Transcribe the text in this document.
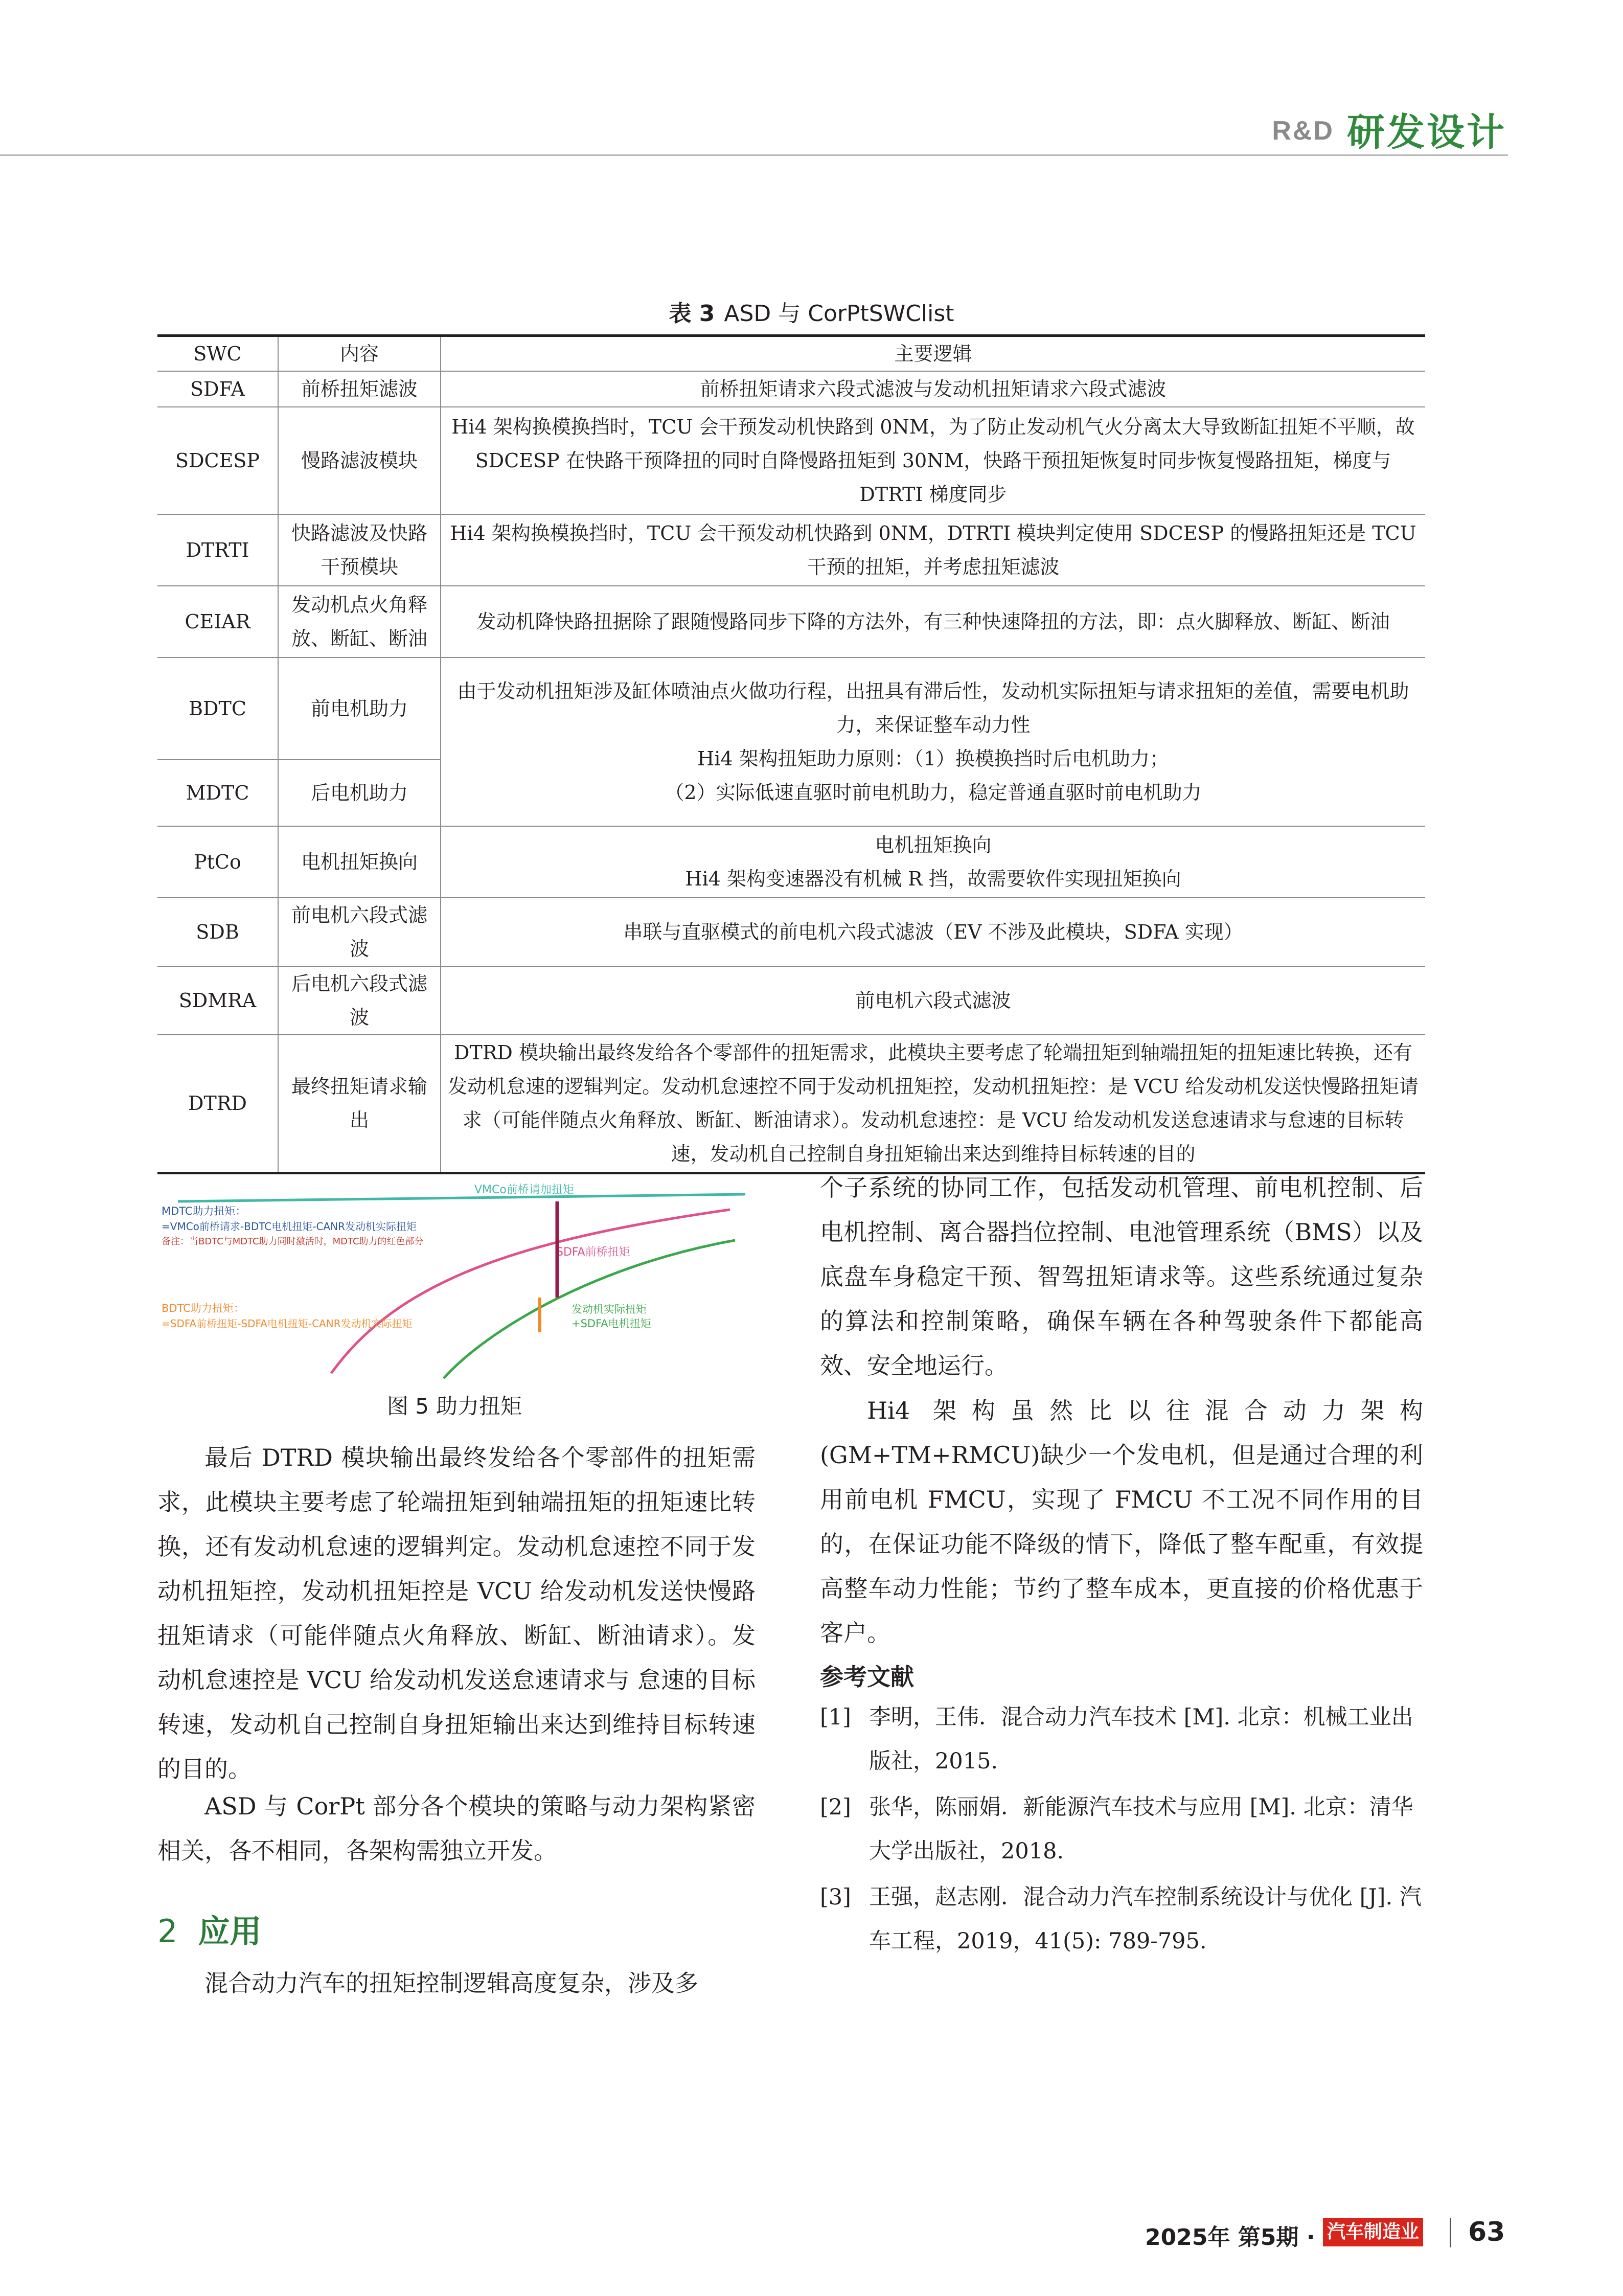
R&D 研发设计
表 3 ASD 与 CorPtSWClist
SWC	内容	主要逻辑
SDFA	前桥扭矩滤波	前桥扭矩请求六段式滤波与发动机扭矩请求六段式滤波
SDCESP	慢路滤波模块	Hi4 架构换模换挡时，TCU 会干预发动机快路到 0NM，为了防止发动机气火分离太大导致断缸扭矩不平顺，故 SDCESP 在快路干预降扭的同时自降慢路扭矩到 30NM，快路干预扭矩恢复时同步恢复慢路扭矩，梯度与 DTRTI 梯度同步
DTRTI	快路滤波及快路干预模块	Hi4 架构换模换挡时，TCU 会干预发动机快路到 0NM，DTRTI 模块判定使用 SDCESP 的慢路扭矩还是 TCU 干预的扭矩，并考虑扭矩滤波
CEIAR	发动机点火角释放、断缸、断油	发动机降快路扭据除了跟随慢路同步下降的方法外，有三种快速降扭的方法，即：点火脚释放、断缸、断油
BDTC	前电机助力	由于发动机扭矩涉及缸体喷油点火做功行程，出扭具有滞后性，发动机实际扭矩与请求扭矩的差值，需要电机助力，来保证整车动力性
Hi4 架构扭矩助力原则：（1）换模换挡时后电机助力；
（2）实际低速直驱时前电机助力，稳定普通直驱时前电机助力

MDTC	后电机助力	
PtCo	电机扭矩换向	电机扭矩换向
Hi4 架构变速器没有机械 R 挡，故需要软件实现扭矩换向

SDB	前电机六段式滤波	串联与直驱模式的前电机六段式滤波（EV 不涉及此模块，SDFA 实现）
SDMRA	后电机六段式滤波	前电机六段式滤波
DTRD	最终扭矩请求输出	DTRD 模块输出最终发给各个零部件的扭矩需求，此模块主要考虑了轮端扭矩到轴端扭矩的扭矩速比转换，还有发动机怠速的逻辑判定。发动机怠速控不同于发动机扭矩控，发动机扭矩控：是 VCU 给发动机发送快慢路扭矩请求（可能伴随点火角释放、断缸、断油请求）。发动机怠速控：是 VCU 给发动机发送怠速请求与怠速的目标转速，发动机自己控制自身扭矩输出来达到维持目标转速的目的
VMCo前桥请加扭矩
SDFA前桥扭矩
发动机实际扭矩
+SDFA电机扭矩
MDTC助力扭矩：
=VMCo前桥请求-BDTC电机扭矩-CANR发动机实际扭矩
备注：当BDTC与MDTC助力同时激活时，MDTC助力的红色部分
BDTC助力扭矩：
=SDFA前桥扭矩-SDFA电机扭矩-CANR发动机实际扭矩
图 5 助力扭矩

最后 DTRD 模块输出最终发给各个零部件的扭矩需求，此模块主要考虑了轮端扭矩到轴端扭矩的扭矩速比转换，还有发动机怠速的逻辑判定。发动机怠速控不同于发动机扭矩控，发动机扭矩控是 VCU 给发动机发送快慢路扭矩请求（可能伴随点火角释放、断缸、断油请求）。发动机怠速控是 VCU 给发动机发送怠速请求与 怠速的目标转速，发动机自己控制自身扭矩输出来达到维持目标转速的目的。

ASD 与 CorPt 部分各个模块的策略与动力架构紧密相关，各不相同，各架构需独立开发。

2 应用

混合动力汽车的扭矩控制逻辑高度复杂，涉及多

个子系统的协同工作，包括发动机管理、前电机控制、后电机控制、离合器挡位控制、电池管理系统（BMS）以及底盘车身稳定干预、智驾扭矩请求等。这些系统通过复杂的算法和控制策略，确保车辆在各种驾驶条件下都能高效、安全地运行。

Hi4 架构虽然比以往混合动力架构(GM+TM+RMCU)缺少一个发电机，但是通过合理的利用前电机 FMCU，实现了 FMCU 不工况不同作用的目的，在保证功能不降级的情下，降低了整车配重，有效提高整车动力性能；节约了整车成本，更直接的价格优惠于客户。

参考文献
[1] 李明，王伟．混合动力汽车技术 [M]. 北京：机械工业出版社，2015.
[2] 张华，陈丽娟．新能源汽车技术与应用 [M]. 北京：清华大学出版社，2018.
[3] 王强，赵志刚．混合动力汽车控制系统设计与优化 [J]. 汽车工程，2019，41(5): 789-795.
2025年 第5期 · 汽车制造业 63
